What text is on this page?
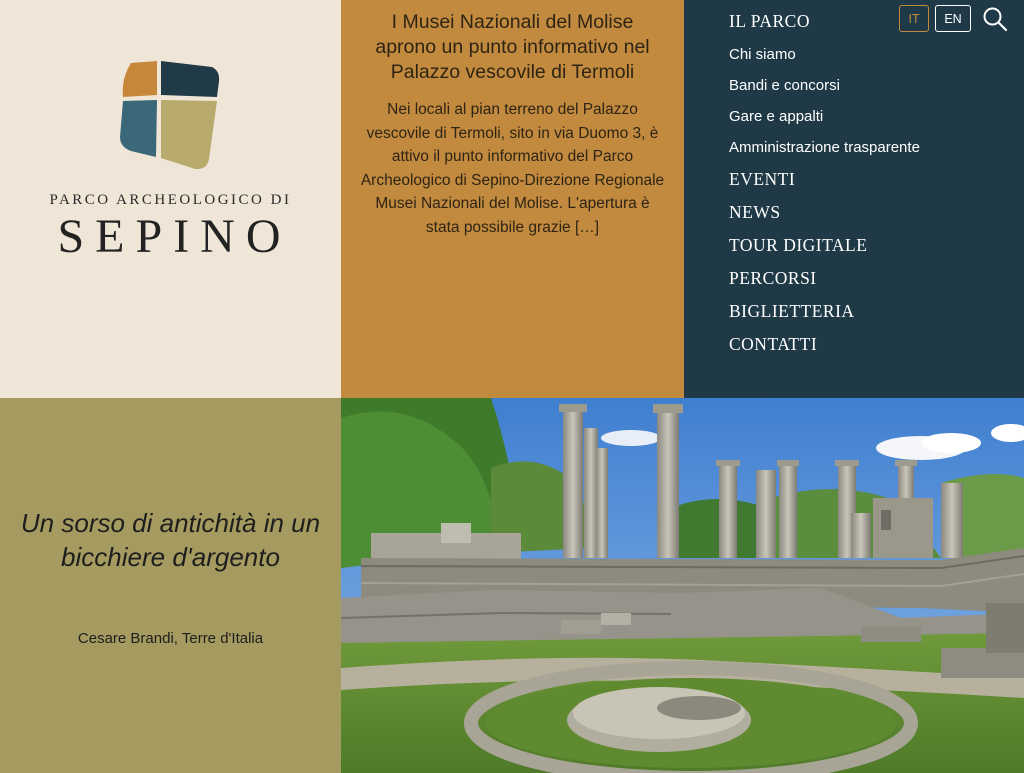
PARCO ARCHEOLOGICO DI
SEPINO
I Musei Nazionali del Molise aprono un punto informativo nel Palazzo vescovile di Termoli
Nei locali al pian terreno del Palazzo vescovile di Termoli, sito in via Duomo 3, è attivo il punto informativo del Parco Archeologico di Sepino-Direzione Regionale Musei Nazionali del Molise. L'apertura è stata possibile grazie […]
IL PARCO
Chi siamo
Bandi e concorsi
Gare e appalti
Amministrazione trasparente
EVENTI
NEWS
TOUR DIGITALE
PERCORSI
BIGLIETTERIA
CONTATTI
IT	EN
Un sorso di antichità in un bicchiere d'argento
Cesare Brandi, Terre d'Italia
